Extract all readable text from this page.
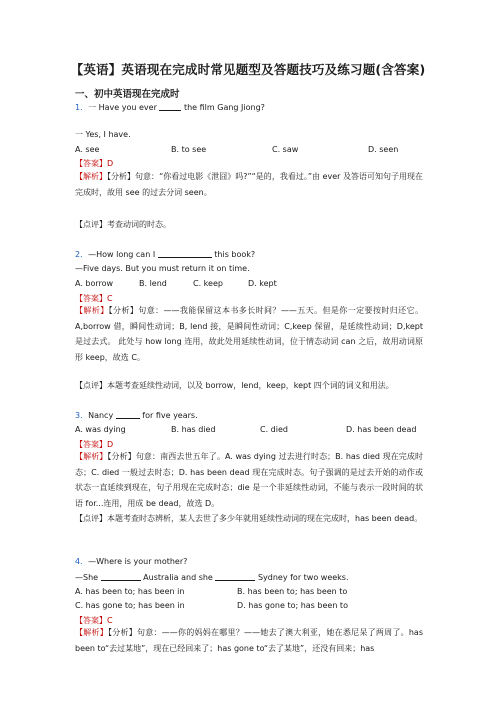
【英语】英语现在完成时常见题型及答题技巧及练习题(含答案)
一、初中英语现在完成时
1．一 Have you ever	the film Gang Jiong?
一 Yes, I have.
A. see	B. to see	C. saw	D. seen
【答案】D
【解析】【分析】句意：“你看过电影《泄囧》吗?”“是的，我看过。”由 ever 及答语可知句子用现在完成时，故用 see 的过去分词 seen。
【点评】考查动词的时态。
2．—How long can I	this book?
—Five days. But you must return it on time.
A. borrow	B. lend	C. keep	D. kept
【答案】C
【解析】【分析】句意：——我能保留这本书多长时间？——五天。但是你一定要按时归还它。A,borrow 借，瞬间性动词；B, lend 接，是瞬间性动词；C,keep 保留，是延续性动词；D,kept 是过去式。 此处与 how long 连用，故此处用延续性动词，位于情态动词 can 之后，故用动词原形 keep，故选 C。
【点评】本题考查延续性动词，以及 borrow，lend，keep，kept 四个词的词义和用法。
3．Nancy	for five years.
A. was dying	B. has died	C. died	D. has been dead
【答案】D
【解析】【分析】句意：南西去世五年了。A. was dying 过去进行时态；B. has died 现在完成时态；C. died 一般过去时态；D. has been dead 现在完成时态。句子强调的是过去开始的动作或状态一直延续到现在，句子用现在完成时态；die 是一个非延续性动词，不能与表示一段时间的状语 for...连用，用成 be dead，故选 D。
【点评】本题考查时态辨析，某人去世了多少年就用延续性动词的现在完成时，has been dead。
4．—Where is your mother?
—She	Australia and she	Sydney for two weeks.
A. has been to; has been in	B. has been to; has been to
C. has gone to; has been in	D. has gone to; has been to
【答案】C
【解析】【分析】句意：——你的妈妈在哪里？——她去了澳大利亚，她在悉尼呆了两周了。has been to“去过某地”，现在已经回来了；has gone to“去了某地”，还没有回来；has
